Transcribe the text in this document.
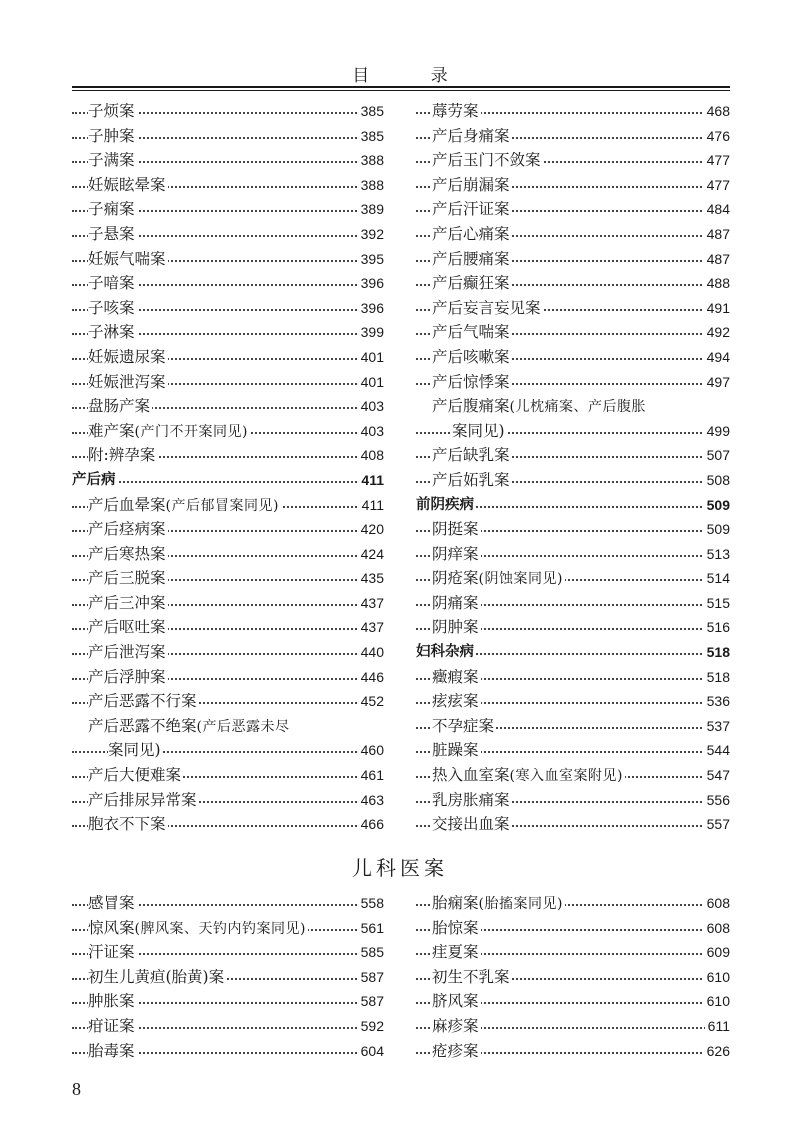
目 录
子烦案	385
子肿案	385
子满案	388
妊娠眩晕案	388
子痫案	389
子悬案	392
妊娠气喘案	395
子喑案	396
子咳案	396
子淋案	399
妊娠遗尿案	401
妊娠泄泻案	401
盘肠产案	403
难产案(产门不开案同见)	403
附:辨孕案	408
产后病	411
产后血晕案(产后郁冒案同见)	411
产后痉病案	420
产后寒热案	424
产后三脱案	435
产后三冲案	437
产后呕吐案	437
产后泄泻案	440
产后浮肿案	446
产后恶露不行案	452
产后恶露不绝案(产后恶露未尽
案同见)	460
产后大便难案	461
产后排尿异常案	463
胞衣不下案	466
蓐劳案	468
产后身痛案	476
产后玉门不敛案	477
产后崩漏案	477
产后汗证案	484
产后心痛案	487
产后腰痛案	487
产后癫狂案	488
产后妄言妄见案	491
产后气喘案	492
产后咳嗽案	494
产后惊悸案	497
产后腹痛案(儿枕痛案、产后腹胀
案同见)	499
产后缺乳案	507
产后妬乳案	508
前阴疾病	509
阴挺案	509
阴痒案	513
阴疮案(阴蚀案同见)	514
阴痛案	515
阴肿案	516
妇科杂病	518
癥瘕案	518
痃痃案	536
不孕症案	537
脏躁案	544
热入血室案(寒入血室案附见)	547
乳房胀痛案	556
交接出血案	557
儿科医案
感冒案	558
惊风案(脾风案、天钓内钓案同见)	561
汗证案	585
初生儿黄疸(胎黄)案	587
肿胀案	587
疳证案	592
胎毒案	604
胎痫案(胎搐案同见)	608
胎惊案	608
疰夏案	609
初生不乳案	610
脐风案	610
麻疹案	611
疮疹案	626
8
